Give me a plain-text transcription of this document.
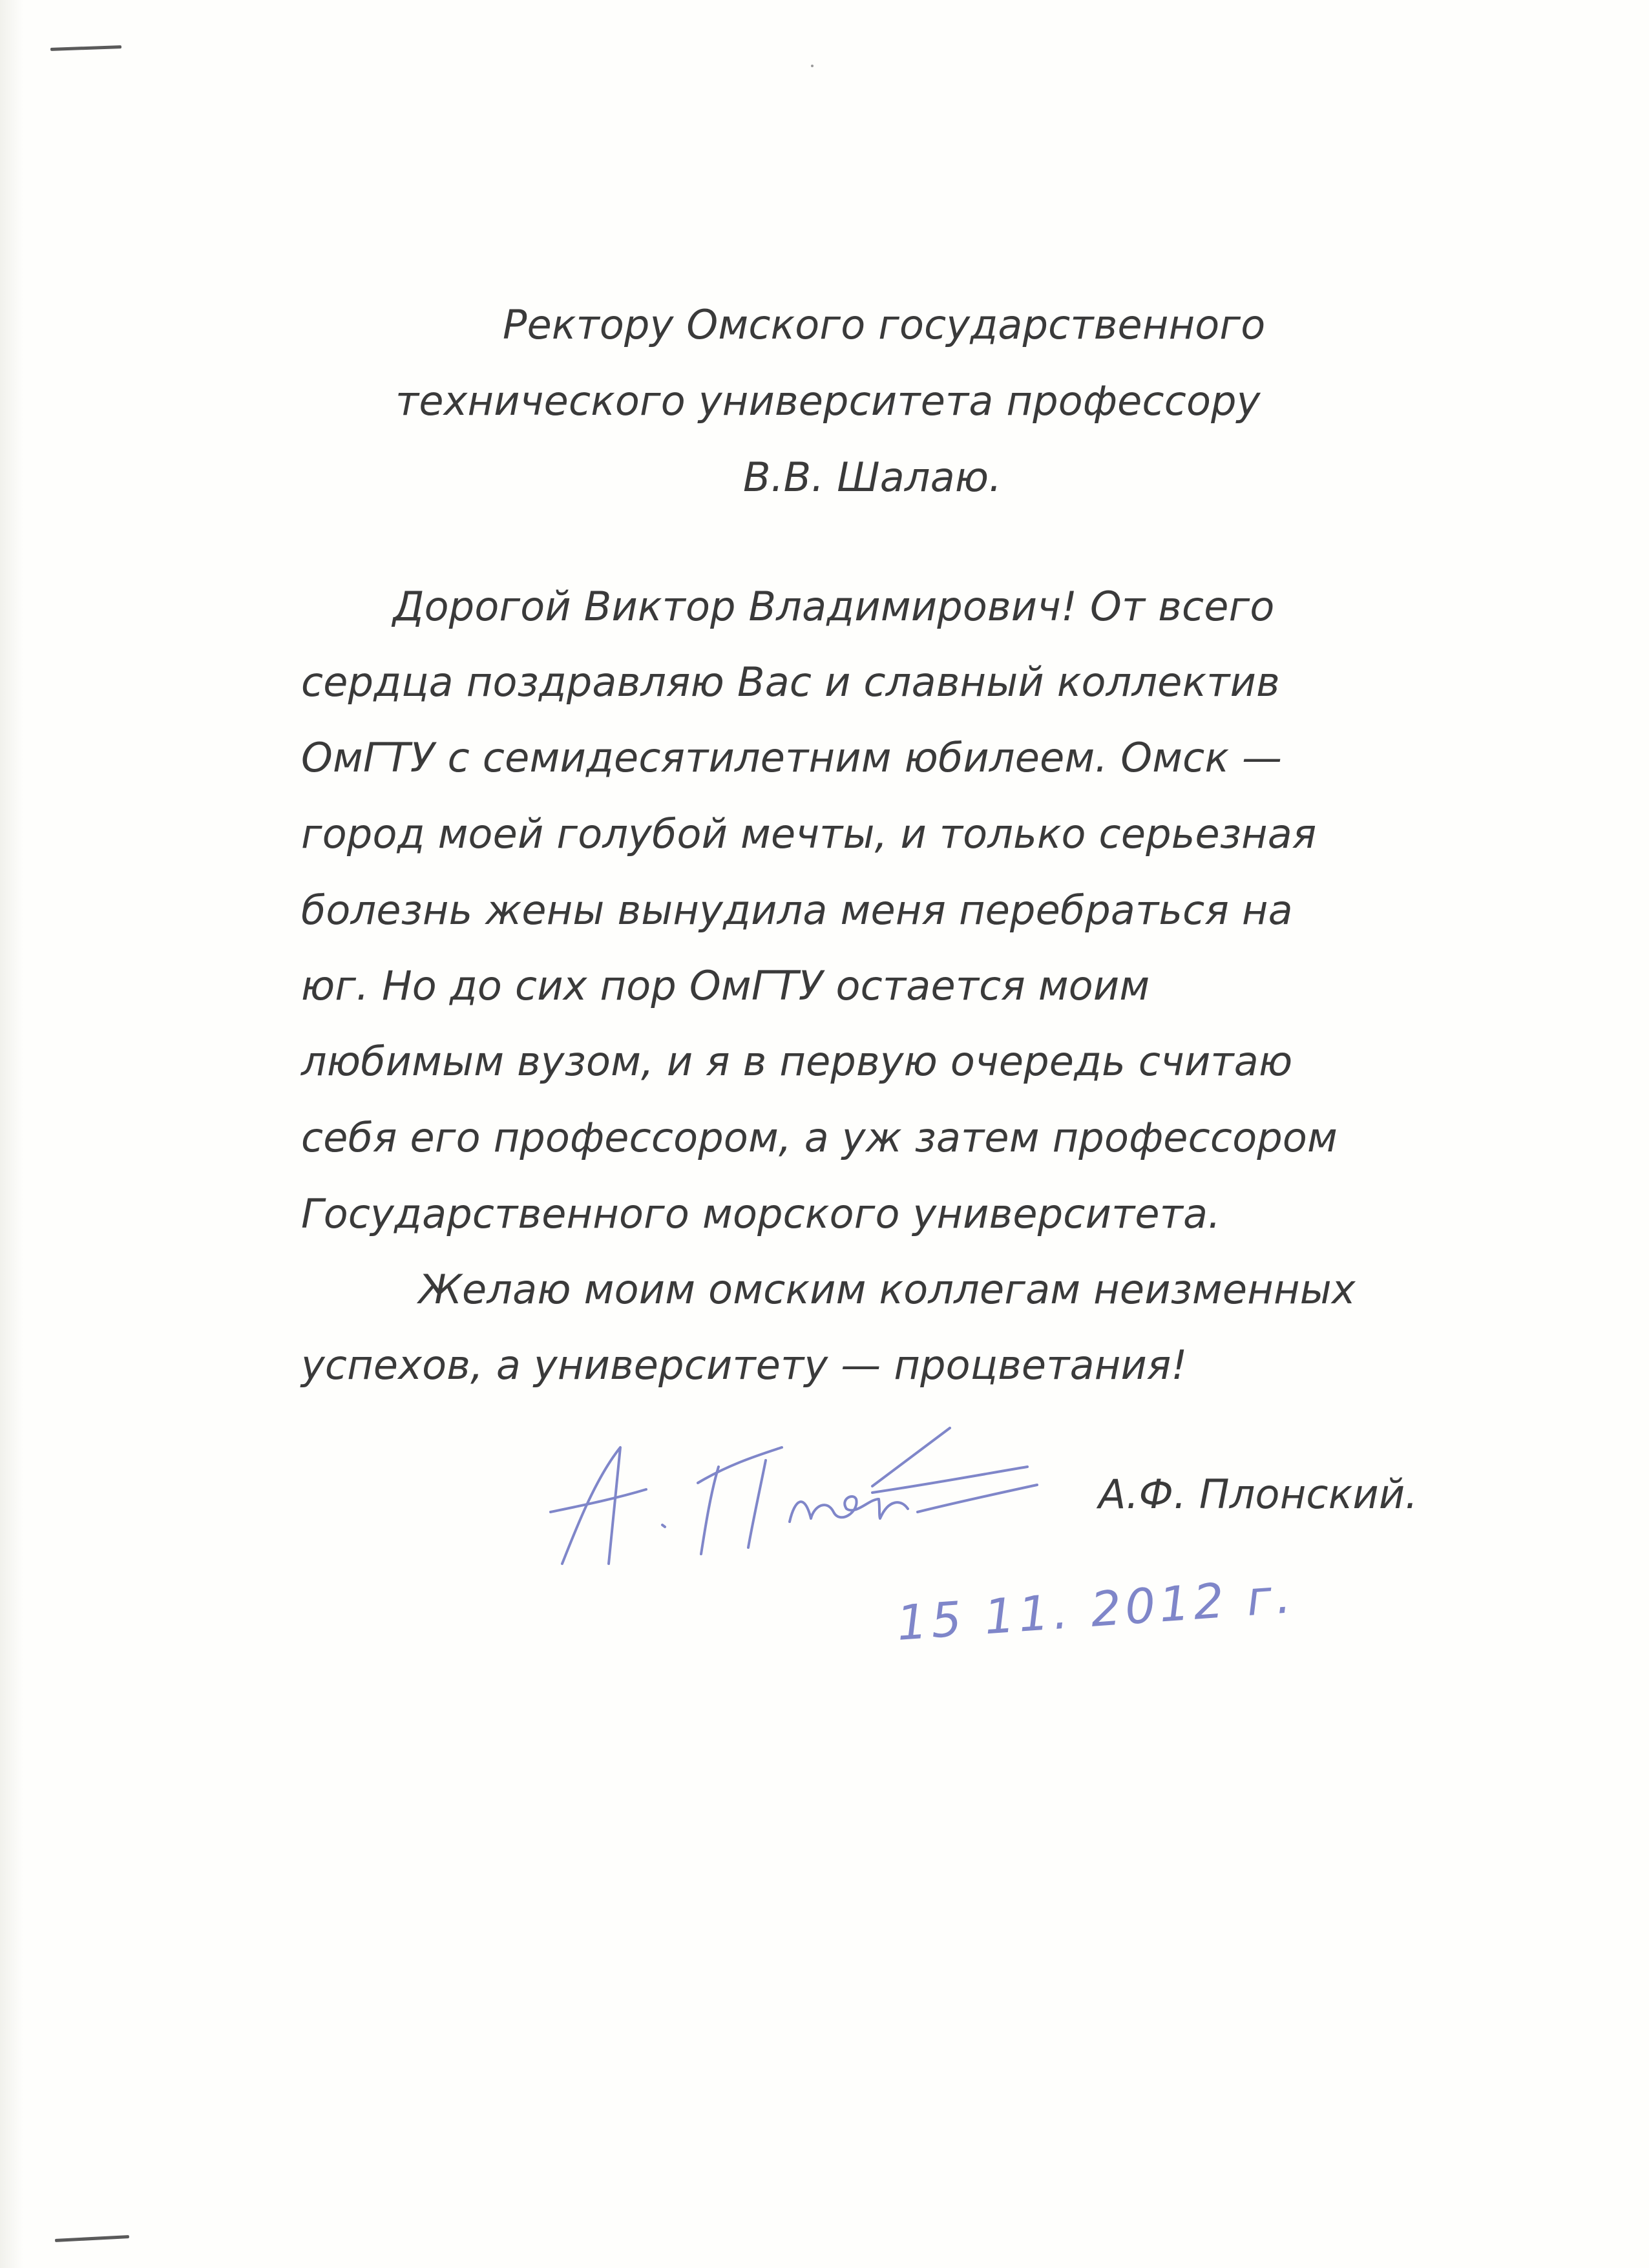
Ректору Омского государственного
технического университета профессору
В.В. Шалаю.
Дорогой Виктор Владимирович! От всего
сердца поздравляю Вас и славный коллектив
ОмГТУ с семидесятилетним юбилеем. Омск —
город моей голубой мечты, и только серьезная
болезнь жены вынудила меня перебраться на
юг. Но до сих пор ОмГТУ остается моим
любимым вузом, и я в первую очередь считаю
себя его профессором, а уж затем профессором
Государственного морского университета.
Желаю моим омским коллегам неизменных
успехов, а университету — процветания!
А.Ф. Плонский.
15 11. 2012 г.
